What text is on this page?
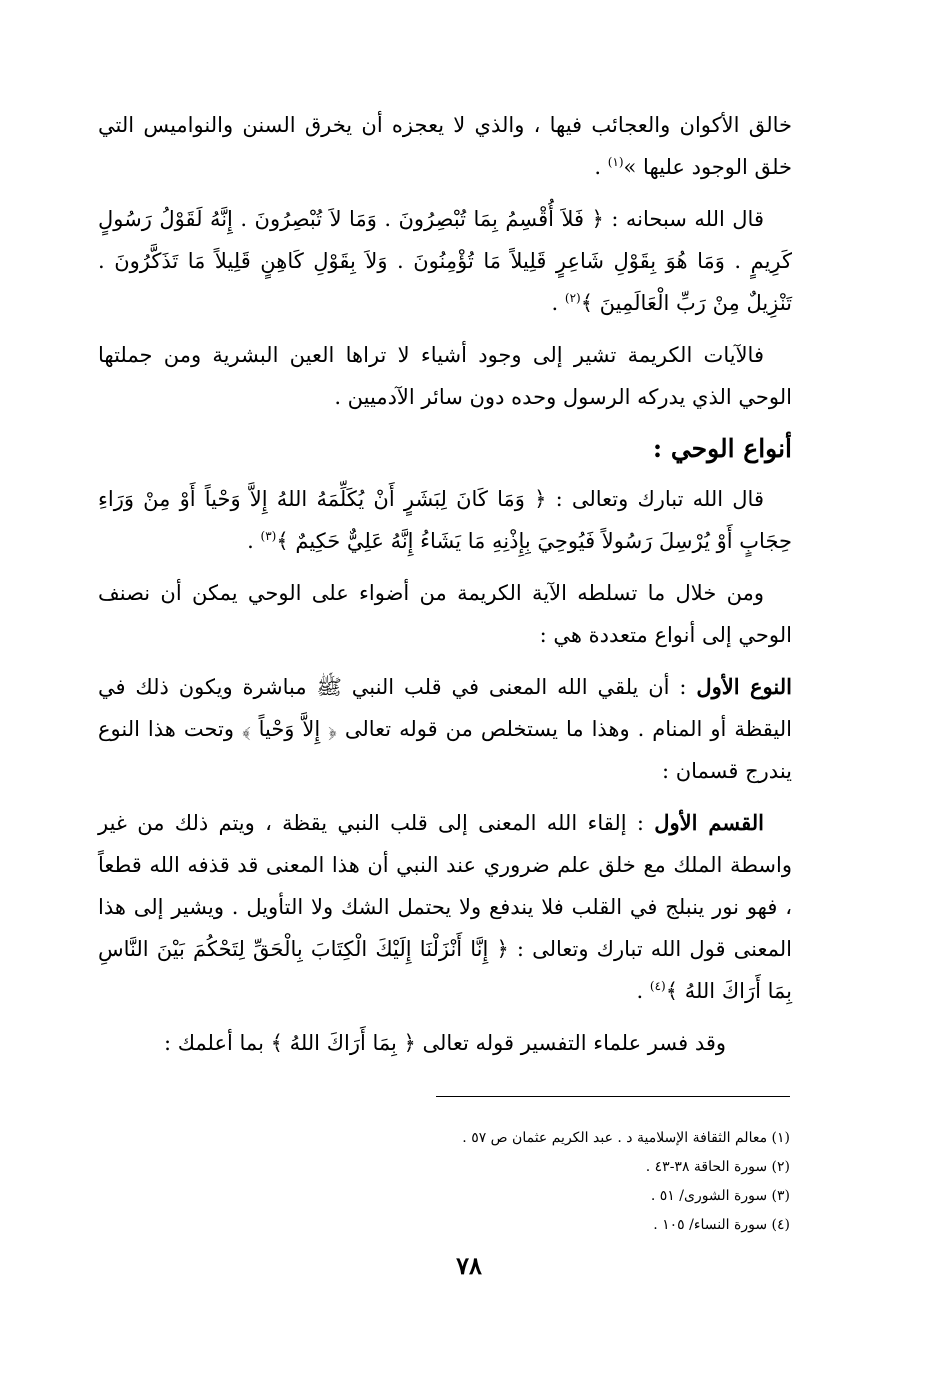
خالق الأكوان والعجائب فيها ، والذي لا يعجزه أن يخرق السنن والنواميس التي خلق الوجود عليها »$^{(١)}$ .

قال الله سبحانه : ﴿ فَلاَ أُقْسِمُ بِمَا تُبْصِرُونَ . وَمَا لاَ تُبْصِرُونَ . إِنَّهُ لَقَوْلُ رَسُولٍ كَرِيمٍ . وَمَا هُوَ بِقَوْلِ شَاعِرٍ قَلِيلاً مَا تُؤْمِنُونَ . وَلاَ بِقَوْلِ كَاهِنٍ قَلِيلاً مَا تَذَكَّرُونَ . تَنْزِيلٌ مِنْ رَبِّ الْعَالَمِينَ ﴾$^{(٢)}$ .

فالآيات الكريمة تشير إلى وجود أشياء لا تراها العين البشرية ومن جملتها الوحي الذي يدركه الرسول وحده دون سائر الآدميين .

أنواع الوحي :

قال الله تبارك وتعالى : ﴿ وَمَا كَانَ لِبَشَرٍ أَنْ يُكَلِّمَهُ اللهُ إِلاَّ وَحْياً أَوْ مِنْ وَرَاءِ حِجَابٍ أَوْ يُرْسِلَ رَسُولاً فَيُوحِيَ بِإِذْنِهِ مَا يَشَاءُ إِنَّهُ عَلِيٌّ حَكِيمٌ ﴾$^{(٣)}$ .

ومن خلال ما تسلطه الآية الكريمة من أضواء على الوحي يمكن أن نصنف الوحي إلى أنواع متعددة هي :

النوع الأول : أن يلقي الله المعنى في قلب النبي ﷺ مباشرة ويكون ذلك في اليقظة أو المنام . وهذا ما يستخلص من قوله تعالى ﴿ إِلاَّ وَحْياً ﴾ وتحت هذا النوع يندرج قسمان :

القسم الأول : إلقاء الله المعنى إلى قلب النبي يقظة ، ويتم ذلك من غير واسطة الملك مع خلق علم ضروري عند النبي أن هذا المعنى قد قذفه الله قطعاً ، فهو نور ينبلج في القلب فلا يندفع ولا يحتمل الشك ولا التأويل . ويشير إلى هذا المعنى قول الله تبارك وتعالى : ﴿ إِنَّا أَنْزَلْنَا إِلَيْكَ الْكِتَابَ بِالْحَقِّ لِتَحْكُمَ بَيْنَ النَّاسِ بِمَا أَرَاكَ اللهُ ﴾$^{(٤)}$ .

وقد فسر علماء التفسير قوله تعالى ﴿ بِمَا أَرَاكَ اللهُ ﴾ بما أعلمك :

(١) معالم الثقافة الإسلامية د . عبد الكريم عثمان ص ٥٧ .
(٢) سورة الحاقة ٣٨-٤٣ .
(٣) سورة الشورى/ ٥١ .
(٤) سورة النساء/ ١٠٥ .
٧٨
